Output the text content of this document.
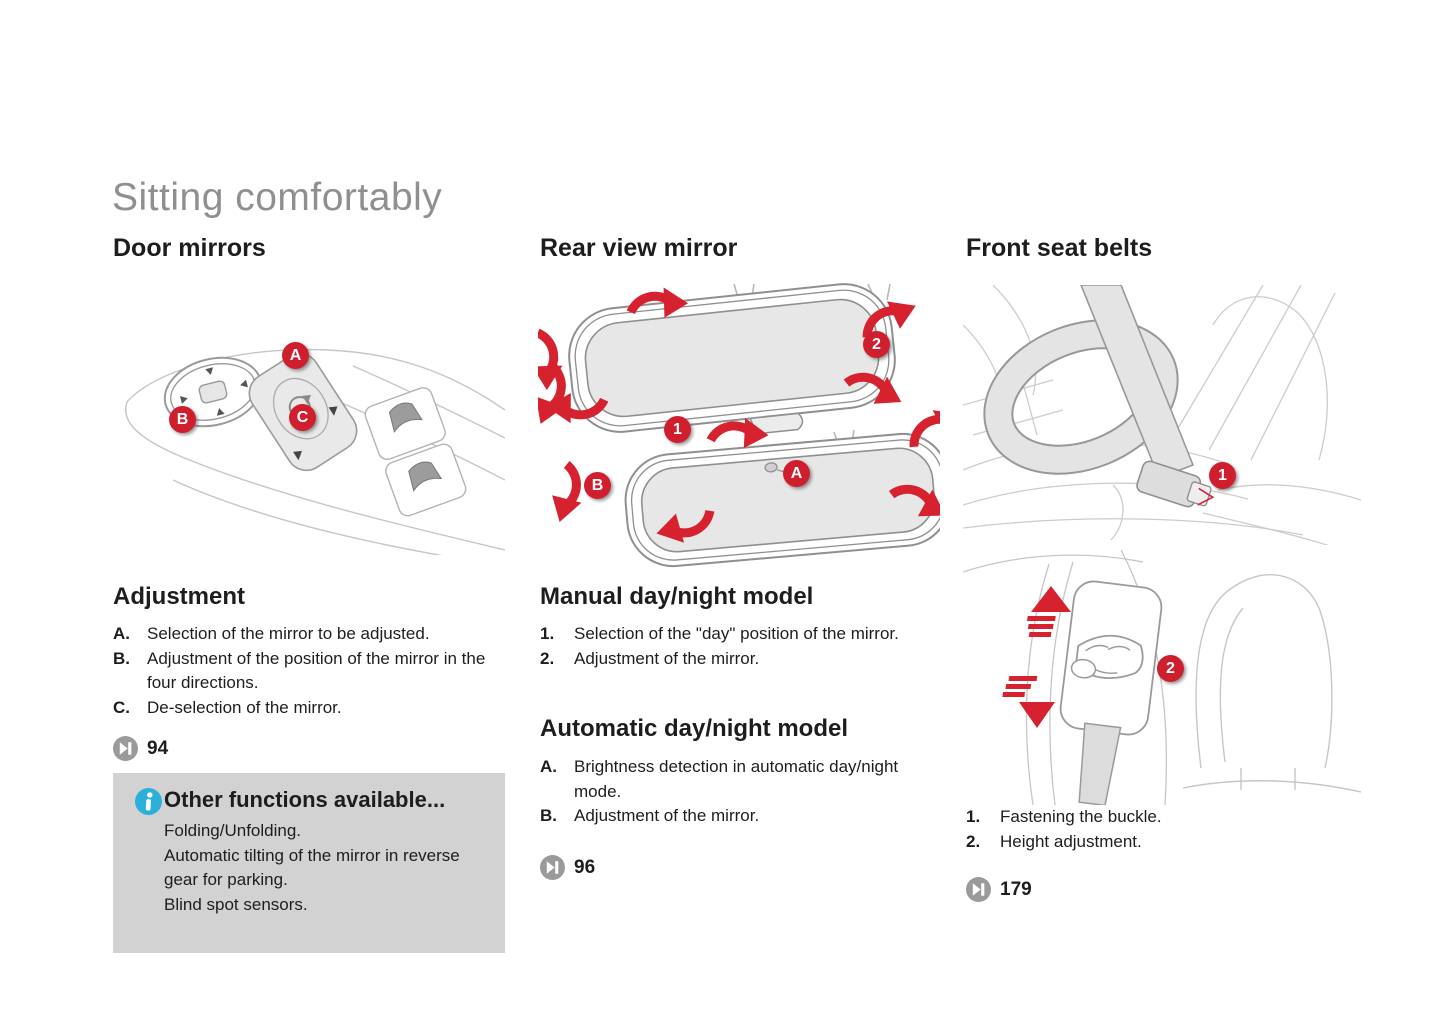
Sitting comfortably
Door mirrors	Rear view mirror	Front seat belts
A
B	C
Adjustment
A.	Selection of the mirror to be adjusted.
B.	Adjustment of the position of the mirror in the four directions.
C.	De-selection of the mirror.
94
Other functions available...
Folding/Unfolding.
Automatic tilting of the mirror in reverse gear for parking.
Blind spot sensors.
1
2
A
B
Manual day/night model
1.	Selection of the "day" position of the mirror.
2.	Adjustment of the mirror.
Automatic day/night model
A.	Brightness detection in automatic day/night mode.
B.	Adjustment of the mirror.
96
1
2
1.	Fastening the buckle.
2.	Height adjustment.
179
